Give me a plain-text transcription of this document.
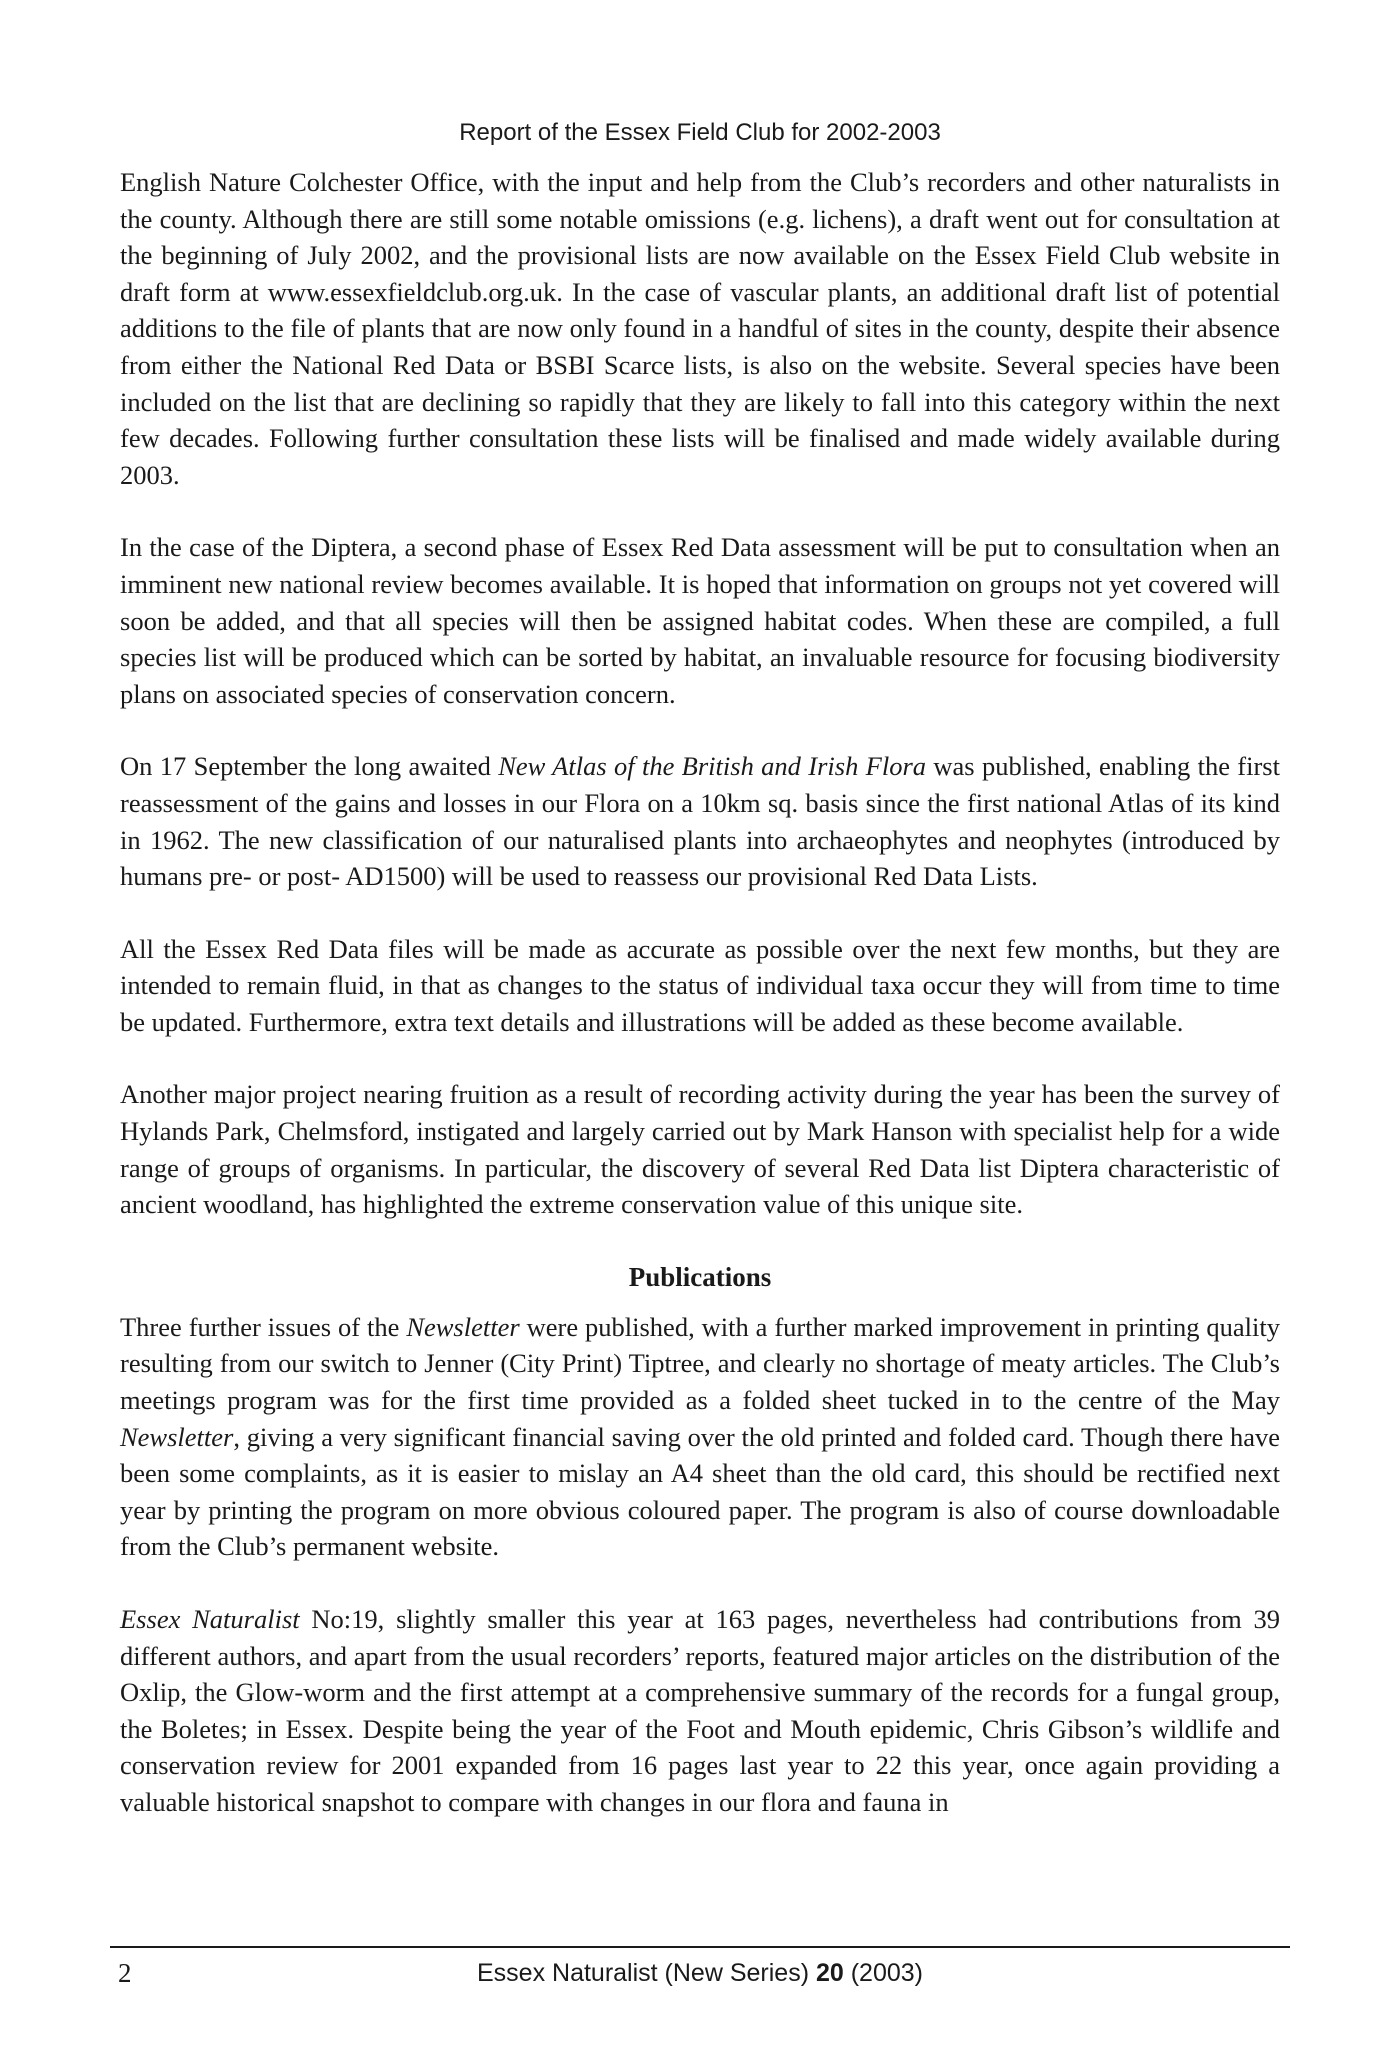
Report of the Essex Field Club for 2002-2003

English Nature Colchester Office, with the input and help from the Club’s recorders and other naturalists in the county. Although there are still some notable omissions (e.g. lichens), a draft went out for consultation at the beginning of July 2002, and the provisional lists are now available on the Essex Field Club website in draft form at www.essexfieldclub.org.uk. In the case of vascular plants, an additional draft list of potential additions to the file of plants that are now only found in a handful of sites in the county, despite their absence from either the National Red Data or BSBI Scarce lists, is also on the website. Several species have been included on the list that are declining so rapidly that they are likely to fall into this category within the next few decades. Following further consultation these lists will be finalised and made widely available during 2003.

In the case of the Diptera, a second phase of Essex Red Data assessment will be put to consultation when an imminent new national review becomes available. It is hoped that information on groups not yet covered will soon be added, and that all species will then be assigned habitat codes. When these are compiled, a full species list will be produced which can be sorted by habitat, an invaluable resource for focusing biodiversity plans on associated species of conservation concern.

On 17 September the long awaited New Atlas of the British and Irish Flora was published, enabling the first reassessment of the gains and losses in our Flora on a 10km sq. basis since the first national Atlas of its kind in 1962. The new classification of our naturalised plants into archaeophytes and neophytes (introduced by humans pre- or post- AD1500) will be used to reassess our provisional Red Data Lists.

All the Essex Red Data files will be made as accurate as possible over the next few months, but they are intended to remain fluid, in that as changes to the status of individual taxa occur they will from time to time be updated. Furthermore, extra text details and illustrations will be added as these become available.

Another major project nearing fruition as a result of recording activity during the year has been the survey of Hylands Park, Chelmsford, instigated and largely carried out by Mark Hanson with specialist help for a wide range of groups of organisms. In particular, the discovery of several Red Data list Diptera characteristic of ancient woodland, has highlighted the extreme conservation value of this unique site.

Publications

Three further issues of the Newsletter were published, with a further marked improvement in printing quality resulting from our switch to Jenner (City Print) Tiptree, and clearly no shortage of meaty articles. The Club’s meetings program was for the first time provided as a folded sheet tucked in to the centre of the May Newsletter, giving a very significant financial saving over the old printed and folded card. Though there have been some complaints, as it is easier to mislay an A4 sheet than the old card, this should be rectified next year by printing the program on more obvious coloured paper. The program is also of course downloadable from the Club’s permanent website.

Essex Naturalist No:19, slightly smaller this year at 163 pages, nevertheless had contributions from 39 different authors, and apart from the usual recorders’ reports, featured major articles on the distribution of the Oxlip, the Glow-worm and the first attempt at a comprehensive summary of the records for a fungal group, the Boletes; in Essex. Despite being the year of the Foot and Mouth epidemic, Chris Gibson’s wildlife and conservation review for 2001 expanded from 16 pages last year to 22 this year, once again providing a valuable historical snapshot to compare with changes in our flora and fauna in

2	Essex Naturalist (New Series) 20 (2003)
